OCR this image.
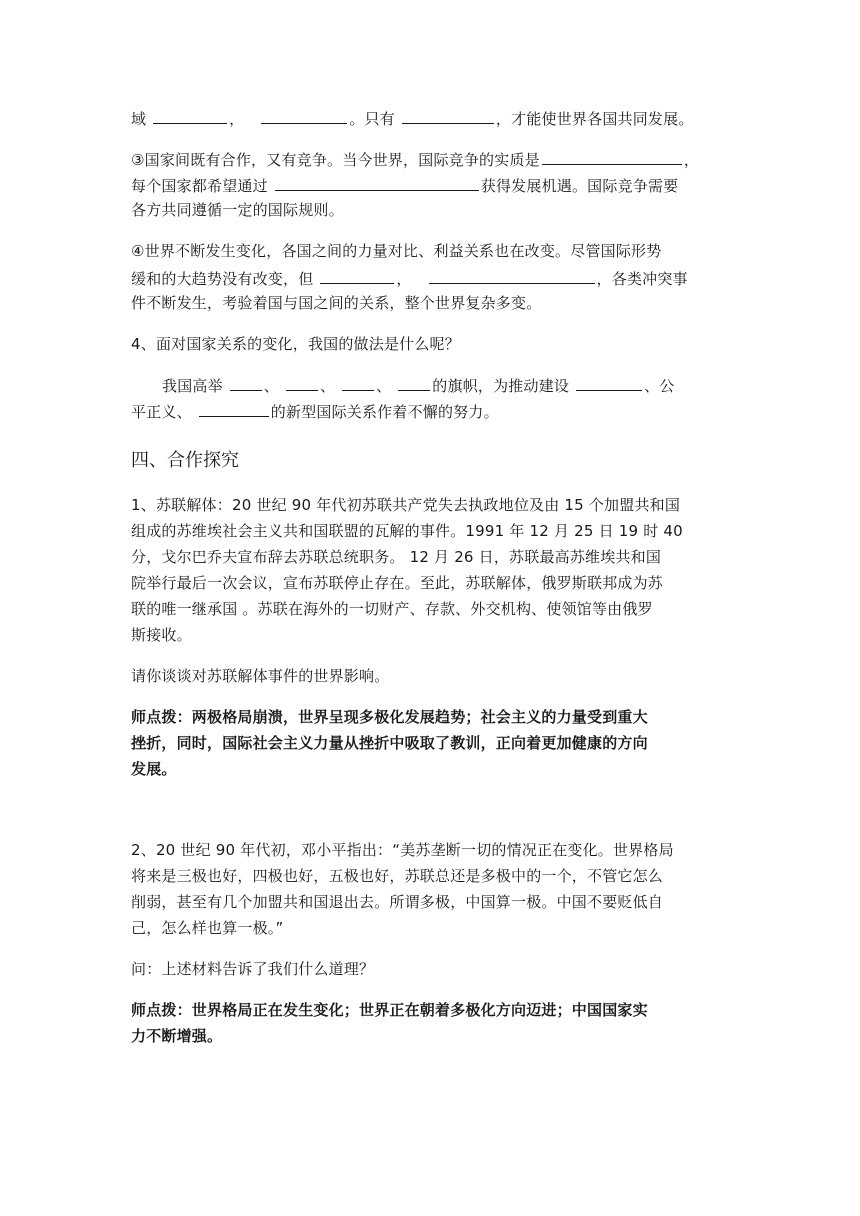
域	，	。只有	，才能使世界各国共同发展。
③国家间既有合作，又有竞争。当今世界，国际竞争的实质是	，
每个国家都希望通过	获得发展机遇。国际竞争需要
各方共同遵循一定的国际规则。
④世界不断发生变化，各国之间的力量对比、利益关系也在改变。尽管国际形势
缓和的大趋势没有改变，但	，	，各类冲突事
件不断发生，考验着国与国之间的关系，整个世界复杂多变。
4、面对国家关系的变化，我国的做法是什么呢？
我国高举 、	、	、	的旗帜，为推动建设	、公
平正义、	的新型国际关系作着不懈的努力。
四、合作探究
1、苏联解体：20 世纪 90 年代初苏联共产党失去执政地位及由 15 个加盟共和国
组成的苏维埃社会主义共和国联盟的瓦解的事件。1991 年 12 月 25 日 19 时 40
分，戈尔巴乔夫宣布辞去苏联总统职务。 12 月 26 日，苏联最高苏维埃共和国
院举行最后一次会议，宣布苏联停止存在。至此，苏联解体，俄罗斯联邦成为苏
联的唯一继承国 。苏联在海外的一切财产、存款、外交机构、使领馆等由俄罗
斯接收。
请你谈谈对苏联解体事件的世界影响。
师点拨：两极格局崩溃，世界呈现多极化发展趋势；社会主义的力量受到重大
挫折，同时，国际社会主义力量从挫折中吸取了教训，正向着更加健康的方向
发展。
2、20 世纪 90 年代初，邓小平指出：“美苏垄断一切的情况正在变化。世界格局
将来是三极也好，四极也好，五极也好，苏联总还是多极中的一个，不管它怎么
削弱，甚至有几个加盟共和国退出去。所谓多极，中国算一极。中国不要贬低自
己，怎么样也算一极。”
问：上述材料告诉了我们什么道理？
师点拨：世界格局正在发生变化；世界正在朝着多极化方向迈进；中国国家实
力不断增强。
